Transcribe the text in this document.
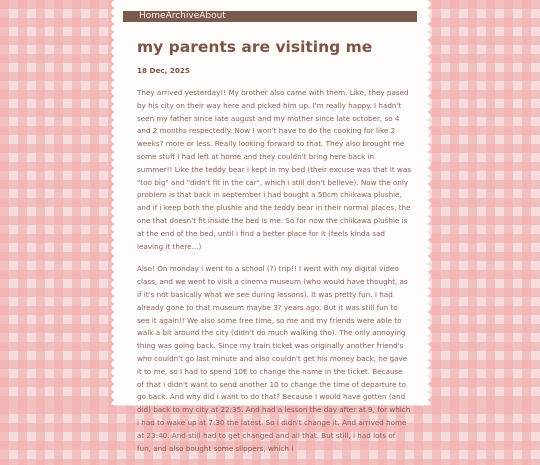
Home Archive About
my parents are visiting me
18 Dec, 2025

They arrived yesterday!! My brother also came with them. Like, they pased by his city on their way here and picked him up. I'm really happy. I hadn't seen my father since late august and my mother since late october, so 4 and 2 months respectedly. Now I won't have to do the cooking for like 2 weeks? more or less. Really looking forward to that. They also brought me some stuff I had left at home and they couldn't bring here back in summer!! Like the teddy bear i kept in my bed (their excuse was that it was "too big" and "didn't fit in the car", which i still don't believe). Now the only problem is that back in september i had bought a 50cm chiikawa plushie, and if i keep both the plushie and the teddy bear in their normal places, the one that doesn't fit inside the bed is me. So for now the chiikawa plushie is at the end of the bed, until i find a better place for it (feels kinda sad leaving it there...)

Also! On monday i went to a school (?) trip!! I went with my digital video class, and we went to visit a cinema museum (who would have thought, as if it's not basically what we see during lessons). It was pretty fun. I had already gone to that museum maybe 3? years ago. But it was still fun to see it again!! We also some free time, so me and my friends were able to walk a bit around the city (didn't do much walking tho). The only annoying thing was going back. Since my train ticket was originally another friend's who couldn't go last minute and also couldn't get his money back, he gave it to me, so I had to spend 10€ to change the name in the ticket. Because of that i didn't want to send another 10 to change the time of departure to go back. And why did i want to do that? Because I would have gotten (and did) back to my city at 22:35. And had a lesson the day after at 9, for which i had to wake up at 7:30 the latest. So i didn't change it. And arrived home at 23:40. And still had to get changed and all that. But still, i had lots of fun, and also bought some slippers, which i
